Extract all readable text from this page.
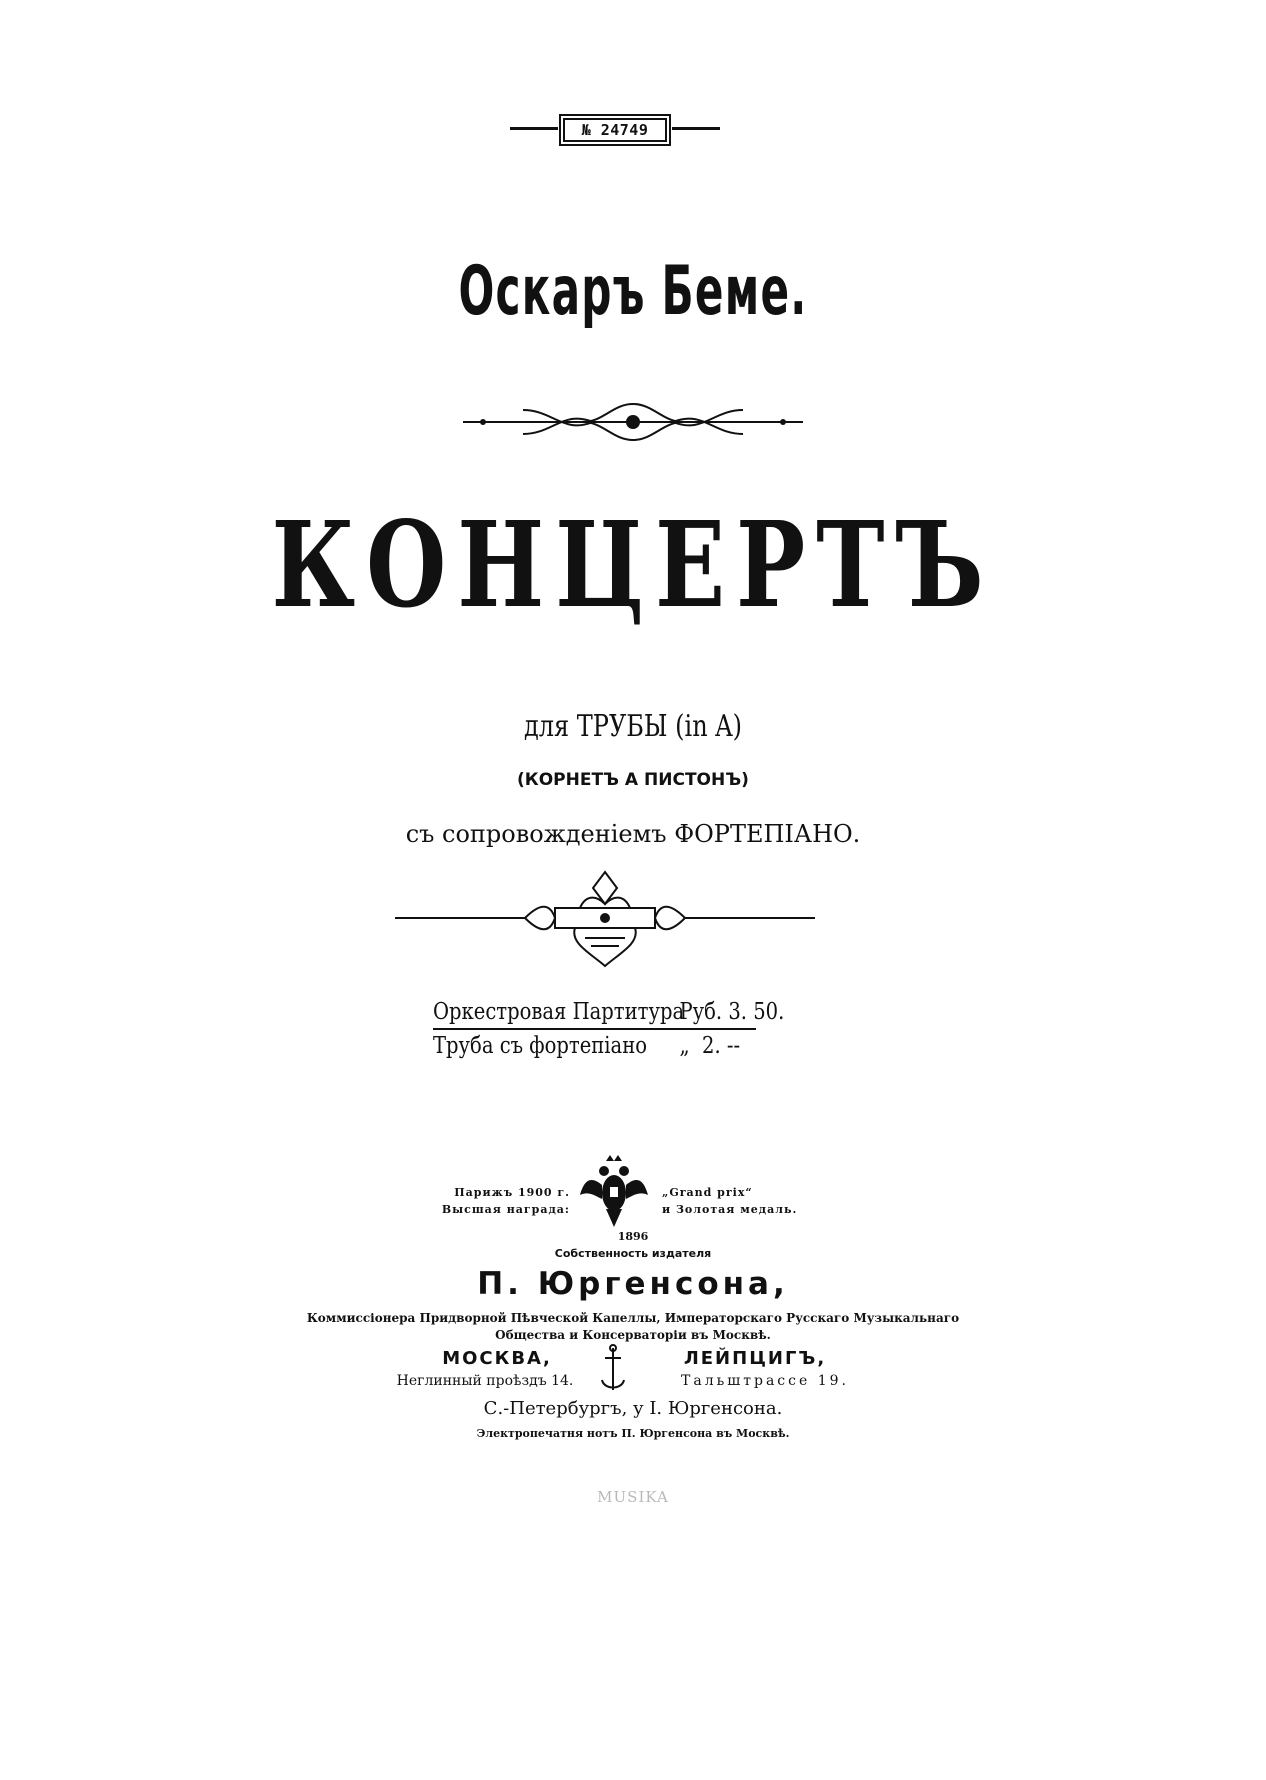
№ 24749
Оскаръ Беме.
КОНЦЕРТЪ
для ТРУБЫ (in A)
(КОРНЕТЪ А ПИСТОНЪ)
съ сопровожденіемъ ФОРТЕПІАНО.
Оркестровая Партитура
Руб. 3. 50.
Труба съ фортепіано „  2. --
Парижъ 1900 г.
Высшая награда:
„Grand prix“
и Золотая медаль.
1896
Собственность издателя
П. Юргенсона,
Коммиссіонера Придворной Пѣвческой Капеллы, Императорскаго Русскаго Музыкальнаго
Общества и Консерваторіи въ Москвѣ.
МОСКВА,
Неглинный проѣздъ 14.
ЛЕЙПЦИГЪ,
Тальштрассе 19.
С.-Петербургъ, у І. Юргенсона.
Электропечатня нотъ П. Юргенсона въ Москвѣ.
MUSIKA
